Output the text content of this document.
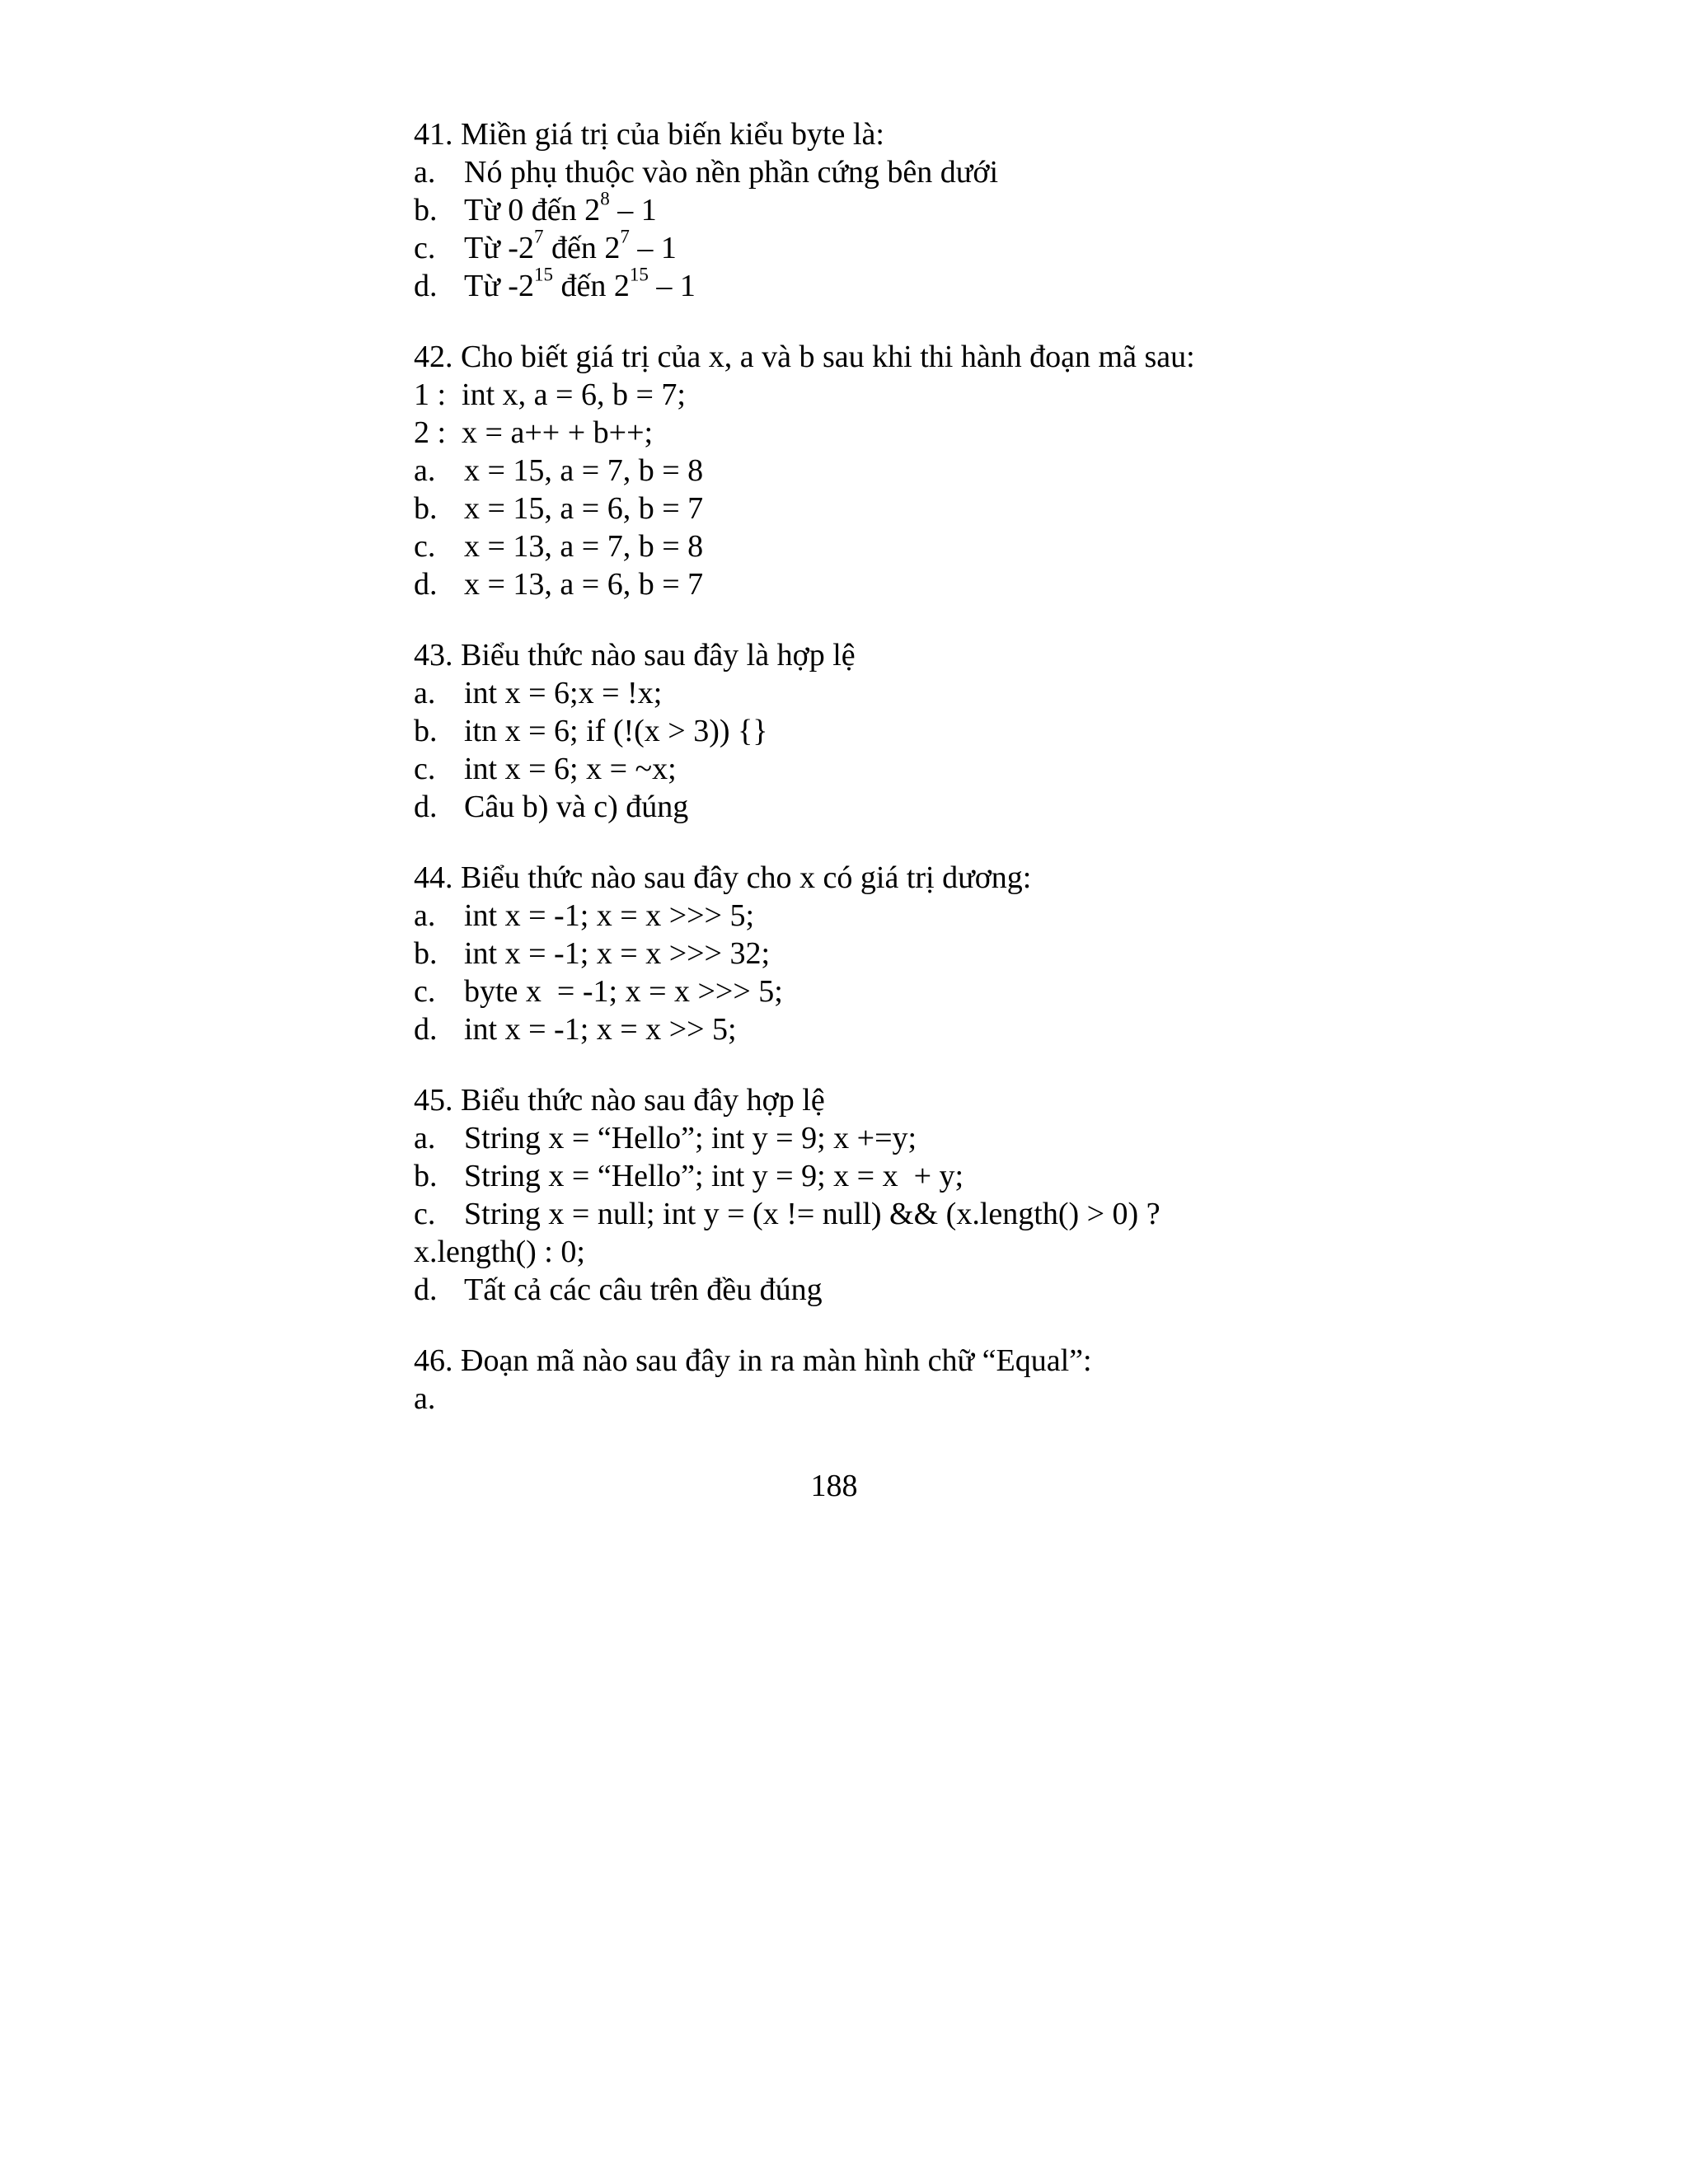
41. Miền giá trị của biến kiểu byte là:

a.

Nó phụ thuộc vào nền phần cứng bên dưới

b.

Từ 0 đến $2^8 - 1$

c.

Từ $-2^7$ đến $2^7 - 1$

d.

Từ $-2^{15}$ đến $2^{15} - 1$

42. Cho biết giá trị của x, a và b sau khi thi hành đoạn mã sau:
1 :  int x, a = 6, b = 7;
2 :  x = a++ + b++;

a.

x = 15, a = 7, b = 8

b.

x = 15, a = 6, b = 7

c.

x = 13, a = 7, b = 8

d.

x = 13, a = 6, b = 7

43. Biểu thức nào sau đây là hợp lệ

a.

int x = 6;x = !x;

b.

itn x = 6; if (!(x > 3)) {}

c.

int x = 6; x = ~x;

d.

Câu b) và c) đúng

44. Biểu thức nào sau đây cho x có giá trị dương:

a.

int x = -1; x = x >>> 5;

b.

int x = -1; x = x >>> 32;

c.

byte x  = -1; x = x >>> 5;

d.

int x = -1; x = x >> 5;

45. Biểu thức nào sau đây hợp lệ

a.

String x = “Hello”; int y = 9; x +=y;

b.

String x = “Hello”; int y = 9; x = x  + y;

c.

String x = null; int y = (x != null) && (x.length() > 0) ?

x.length() : 0;

d.

Tất cả các câu trên đều đúng

46. Đoạn mã nào sau đây in ra màn hình chữ “Equal”:
a.
188
